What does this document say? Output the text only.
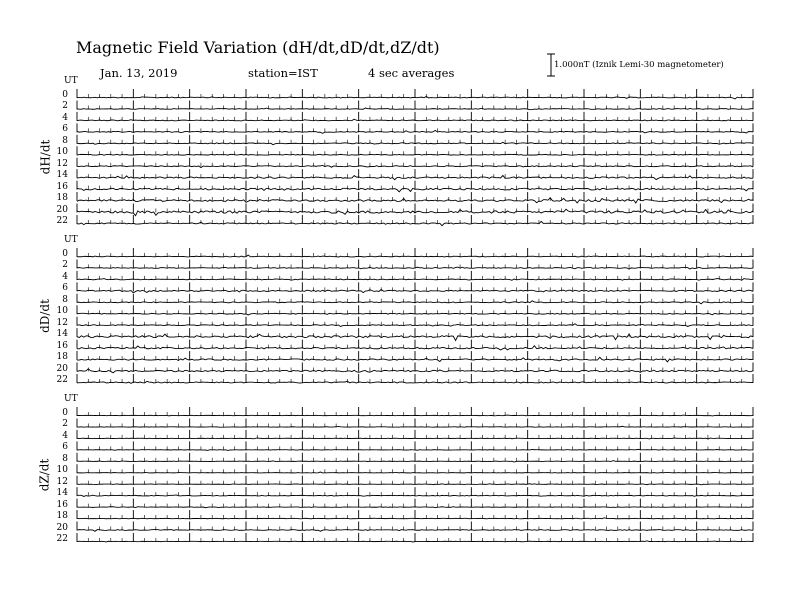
Magnetic Field Variation (dH/dt,dD/dt,dZ/dt)
Jan. 13, 2019	station=IST	4 sec averages
1.000nT (Iznik Lemi-30 magnetometer)
UT
dH/dt
0
2
4
6
8
10
12
14
16
18
20
22
UT
dD/dt
0
2
4
6
8
10
12
14
16
18
20
22
UT
dZ/dt
0
2
4
6
8
10
12
14
16
18
20
22
